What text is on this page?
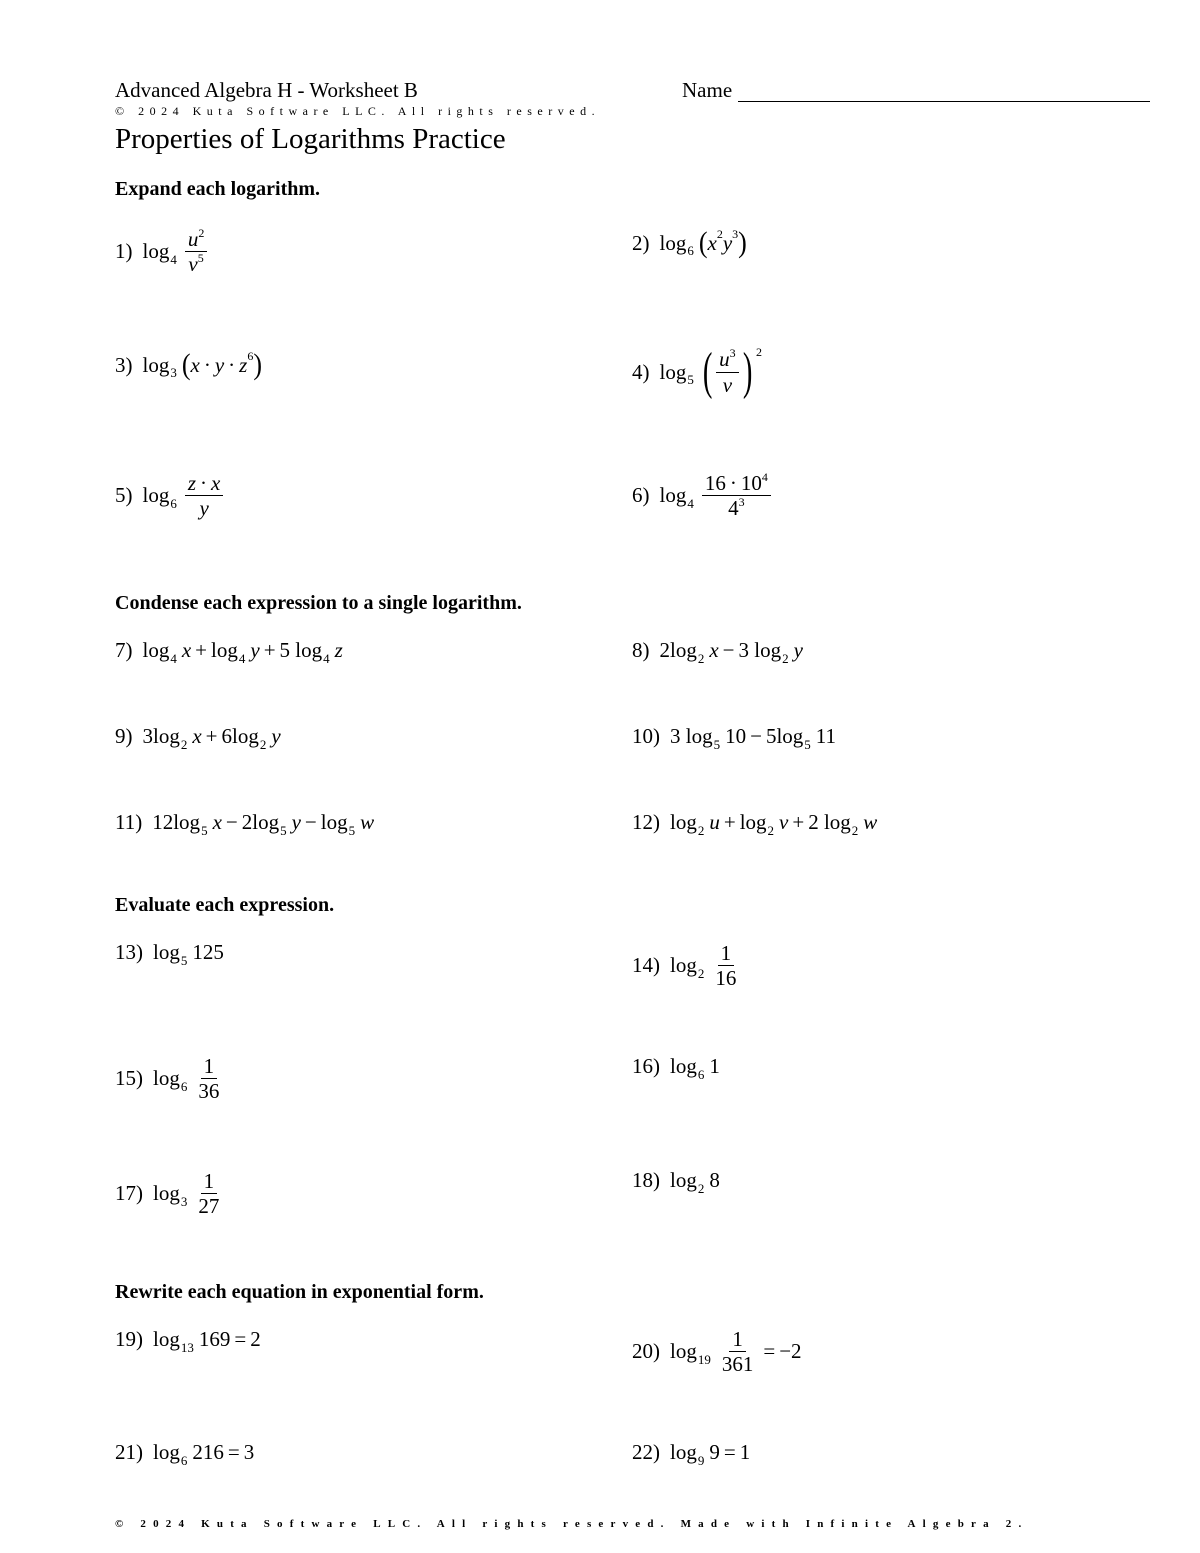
Advanced Algebra H - Worksheet B	Name
© 2024 Kuta Software LLC. All rights reserved.
Properties of Logarithms Practice
Expand each logarithm.
1) $\log 4 \frac{u^2}{v^5}$	2) log 6 ( x 2 y 3 )
3) log 3 ( x · y · z 6 )	4) log 5 ( $\frac{u^3}{v}$ ) 2
5) $\log 6 \frac{z \cdot x}{y}$	6) $\log 4 \frac{16 \cdot 10^4}{4^3}$
Condense each expression to a single logarithm.
7) log 4 x + log 4 y + 5
log 4 z	8) 2 log 2 x − 3
log 2 y
9) 3 log 2 x + 6 log 2 y	10) 3
log 5 10 − 5 log 5 11
11) 12 log 5 x − 2 log 5 y − log 5 w	12) log 2 u + log 2 v + 2
log 2 w
Evaluate each expression.
13) log 5 125
14) $\log 2 \frac{1}{16}$
15) $\log 6 \frac{1}{36}$	16) log 6 1
17) $\log 3 \frac{1}{27}$	18) log 2 8
Rewrite each equation in exponential form.
19) log 13 169 = 2
20) $\log 19 \frac{1}{361} = -2$
21) log 6 216 = 3	22) log 9 9 = 1
© 2024 Kuta Software LLC. All rights reserved. Made with Infinite Algebra 2.
